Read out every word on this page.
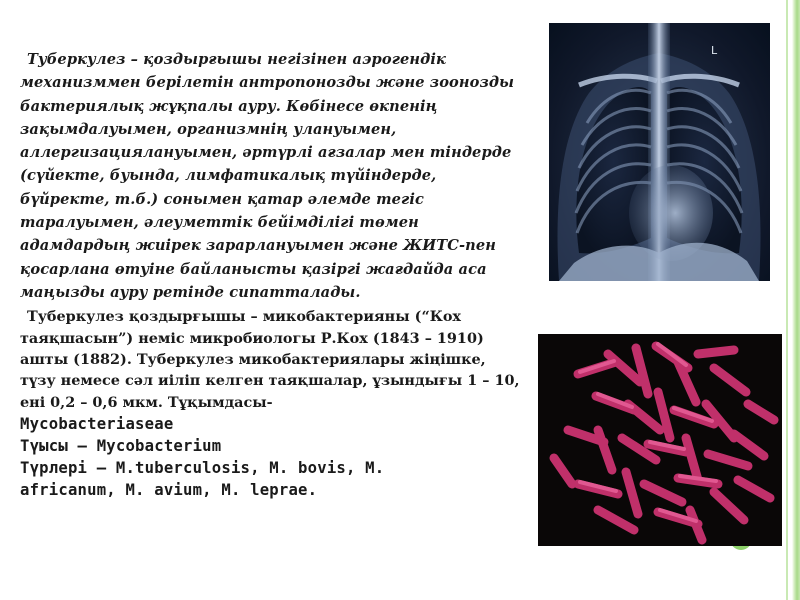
Туберкулез – қоздырғышы негізінен аэрогендік механизммен берілетін антропонозды және зоонозды бактериялық жұқпалы ауру. Көбінесе өкпенің зақымдалуымен, организмнің улануымен, аллергизациялануымен, әртүрлі ағзалар мен тіндерде (сүйекте, буында, лимфатикалық түйіндерде, бүйректе, т.б.) сонымен қатар әлемде тегіс таралуымен, әлеуметтік бейімділігі төмен адамдардың жиірек зарарлануымен және ЖИТС-пен қосарлана өтуіне байланысты қазіргі жағдайда аса маңызды ауру ретінде сипатталады.

Туберкулез қоздырғышы – микобактерияны (“Кох таяқшасын”) неміс микробиологы Р.Кох (1843 – 1910) ашты (1882). Туберкулез микобактериялары жіңішке, түзу немесе сәл иіліп келген таяқшалар, ұзындығы 1 – 10, ені 0,2 – 0,6 мкм. Тұқымдасы-

Mycobacteriaseae
Түысы – Mycobacterium

Түрлері – M.tuberculosis, M. bovis, M.
africanum, M. avium, M. leprae.

L
